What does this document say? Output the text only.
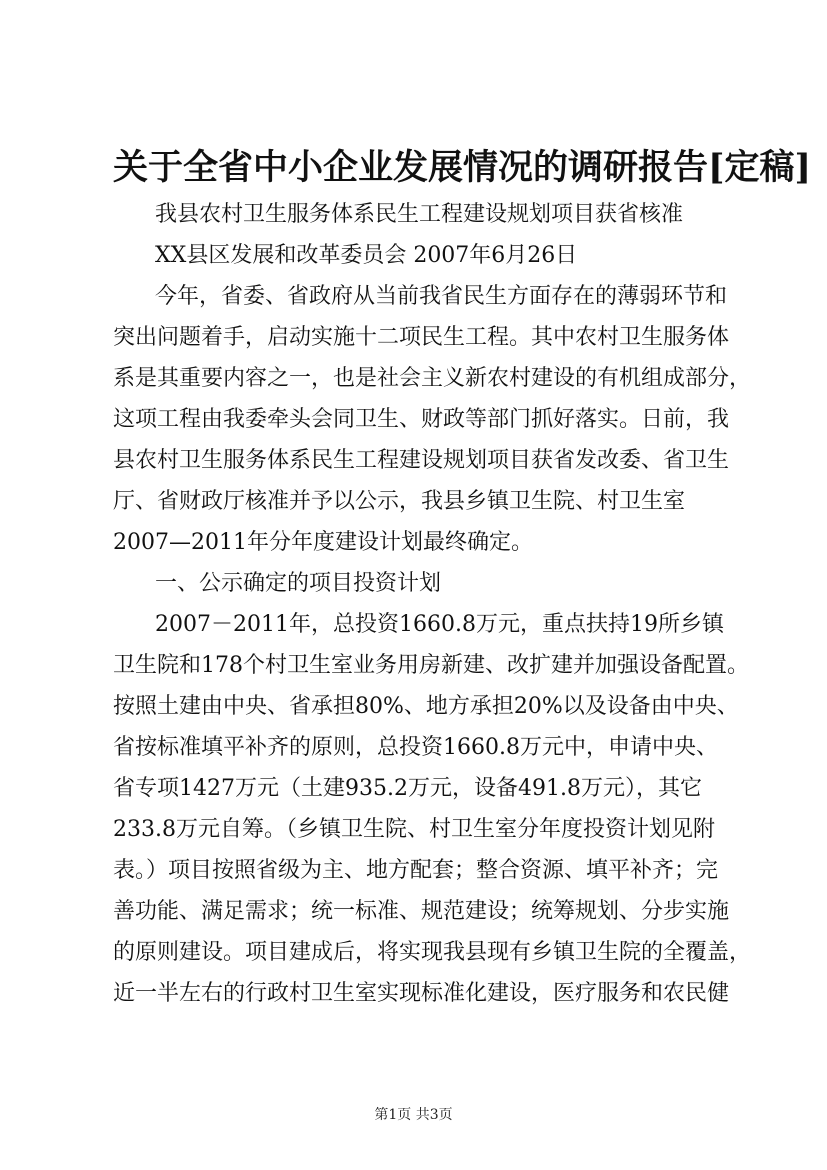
关于全省中小企业发展情况的调研报告[定稿]
我县农村卫生服务体系民生工程建设规划项目获省核准
XX县区发展和改革委员会 2007年6月26日
今年，省委、省政府从当前我省民生方面存在的薄弱环节和
突出问题着手，启动实施十二项民生工程。其中农村卫生服务体
系是其重要内容之一，也是社会主义新农村建设的有机组成部分，
这项工程由我委牵头会同卫生、财政等部门抓好落实。日前，我
县农村卫生服务体系民生工程建设规划项目获省发改委、省卫生
厅、省财政厅核准并予以公示，我县乡镇卫生院、村卫生室
2007—2011年分年度建设计划最终确定。
一、公示确定的项目投资计划
2007－2011年，总投资1660.8万元，重点扶持19所乡镇
卫生院和178个村卫生室业务用房新建、改扩建并加强设备配置。
按照土建由中央、省承担80%、地方承担20%以及设备由中央、
省按标准填平补齐的原则，总投资1660.8万元中，申请中央、
省专项1427万元（土建935.2万元，设备491.8万元），其它
233.8万元自筹。（乡镇卫生院、村卫生室分年度投资计划见附
表。）项目按照省级为主、地方配套；整合资源、填平补齐；完
善功能、满足需求；统一标准、规范建设；统筹规划、分步实施
的原则建设。项目建成后，将实现我县现有乡镇卫生院的全覆盖，
近一半左右的行政村卫生室实现标准化建设，医疗服务和农民健
第1页 共3页
